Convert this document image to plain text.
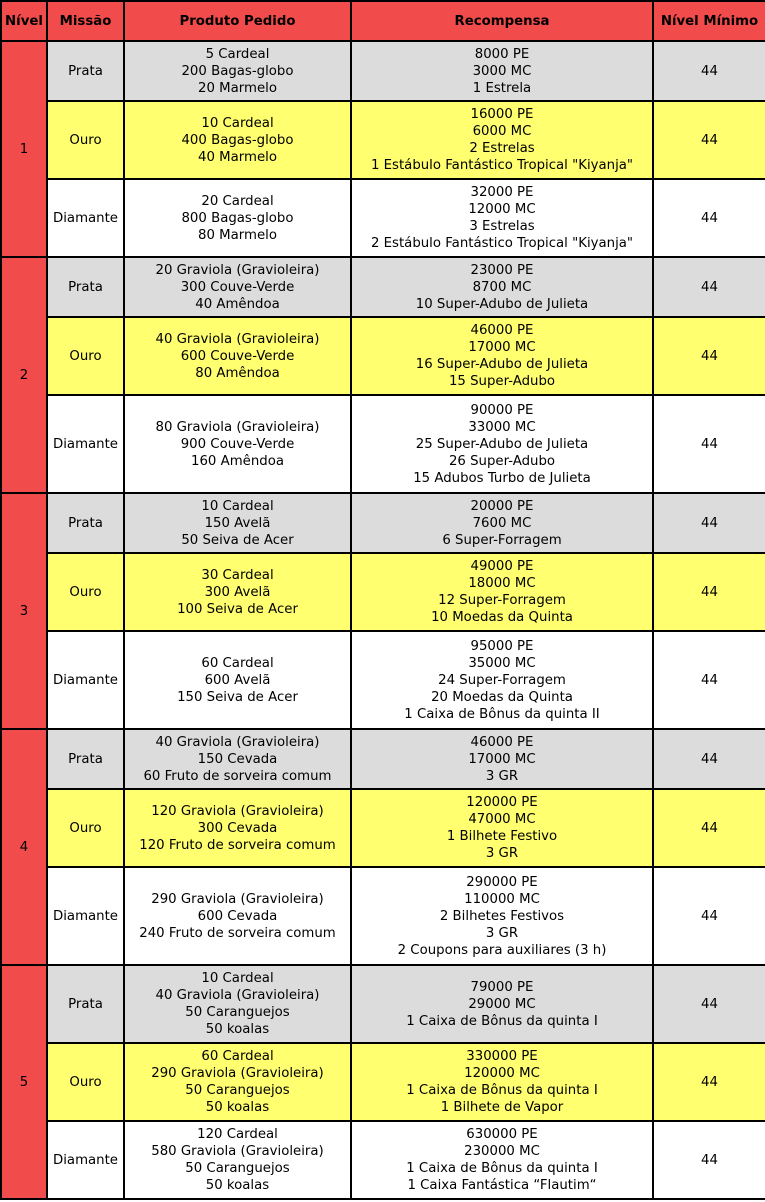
Nível	Missão	Produto Pedido	Recompensa	Nível Mínimo
1	Prata	5 Cardeal
200 Bagas-globo
20 Marmelo	8000 PE
3000 MC
1 Estrela	44
	Ouro	10 Cardeal
400 Bagas-globo
40 Marmelo	16000 PE
6000 MC
2 Estrelas
1 Estábulo Fantástico Tropical "Kiyanja"	44
	Diamante	20 Cardeal
800 Bagas-globo
80 Marmelo	32000 PE
12000 MC
3 Estrelas
2 Estábulo Fantástico Tropical "Kiyanja"	44
2	Prata	20 Graviola (Gravioleira)
300 Couve-Verde
40 Amêndoa	23000 PE
8700 MC
10 Super-Adubo de Julieta	44
	Ouro	40 Graviola (Gravioleira)
600 Couve-Verde
80 Amêndoa	46000 PE
17000 MC
16 Super-Adubo de Julieta
15 Super-Adubo	44
	Diamante	80 Graviola (Gravioleira)
900 Couve-Verde
160 Amêndoa	90000 PE
33000 MC
25 Super-Adubo de Julieta
26 Super-Adubo
15 Adubos Turbo de Julieta	44
3	Prata	10 Cardeal
150 Avelã
50 Seiva de Acer	20000 PE
7600 MC
6 Super-Forragem	44
	Ouro	30 Cardeal
300 Avelã
100 Seiva de Acer	49000 PE
18000 MC
12 Super-Forragem
10 Moedas da Quinta	44
	Diamante	60 Cardeal
600 Avelã
150 Seiva de Acer	95000 PE
35000 MC
24 Super-Forragem
20 Moedas da Quinta
1 Caixa de Bônus da quinta II	44
4	Prata	40 Graviola (Gravioleira)
150 Cevada
60 Fruto de sorveira comum	46000 PE
17000 MC
3 GR	44
	Ouro	120 Graviola (Gravioleira)
300 Cevada
120 Fruto de sorveira comum	120000 PE
47000 MC
1 Bilhete Festivo
3 GR	44
	Diamante	290 Graviola (Gravioleira)
600 Cevada
240 Fruto de sorveira comum	290000 PE
110000 MC
2 Bilhetes Festivos
3 GR
2 Coupons para auxiliares (3 h)	44
5	Prata	10 Cardeal
40 Graviola (Gravioleira)
50 Caranguejos
50 koalas	79000 PE
29000 MC
1 Caixa de Bônus da quinta I	44
	Ouro	60 Cardeal
290 Graviola (Gravioleira)
50 Caranguejos
50 koalas	330000 PE
120000 MC
1 Caixa de Bônus da quinta I
1 Bilhete de Vapor	44
	Diamante	120 Cardeal
580 Graviola (Gravioleira)
50 Caranguejos
50 koalas	630000 PE
230000 MC
1 Caixa de Bônus da quinta I
1 Caixa Fantástica “Flautim“	44
